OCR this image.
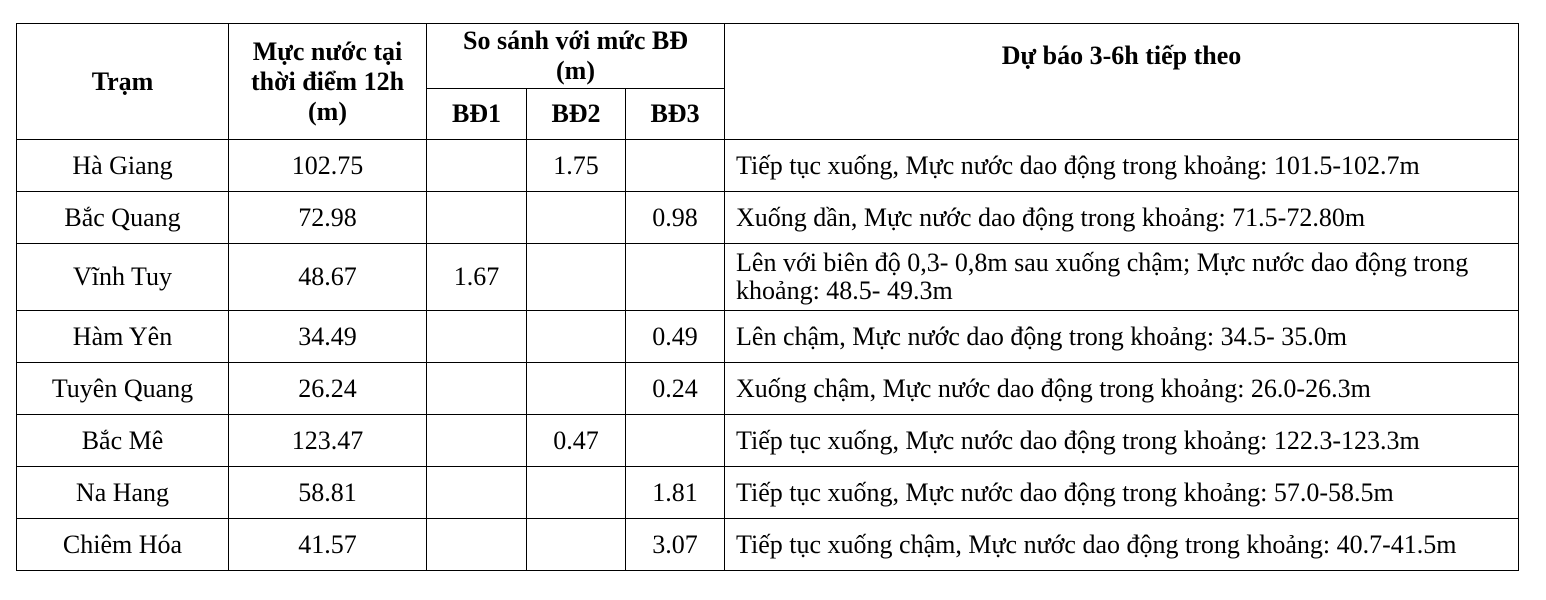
Trạm	Mực nước tại thời điểm 12h (m)	So sánh với mức BĐ (m)			Dự báo 3-6h tiếp theo
		BĐ1	BĐ2	BĐ3	
Hà Giang	102.75		1.75		Tiếp tục xuống, Mực nước dao động trong khoảng: 101.5-102.7m
Bắc Quang	72.98			0.98	Xuống dần, Mực nước dao động trong khoảng: 71.5-72.80m
Vĩnh Tuy	48.67	1.67			Lên với biên độ 0,3- 0,8m sau xuống chậm; Mực nước dao động trong khoảng: 48.5- 49.3m
Hàm Yên	34.49			0.49	Lên chậm, Mực nước dao động trong khoảng: 34.5- 35.0m
Tuyên Quang	26.24			0.24	Xuống chậm, Mực nước dao động trong khoảng: 26.0-26.3m
Bắc Mê	123.47		0.47		Tiếp tục xuống, Mực nước dao động trong khoảng: 122.3-123.3m
Na Hang	58.81			1.81	Tiếp tục xuống, Mực nước dao động trong khoảng: 57.0-58.5m
Chiêm Hóa	41.57			3.07	Tiếp tục xuống chậm, Mực nước dao động trong khoảng: 40.7-41.5m
